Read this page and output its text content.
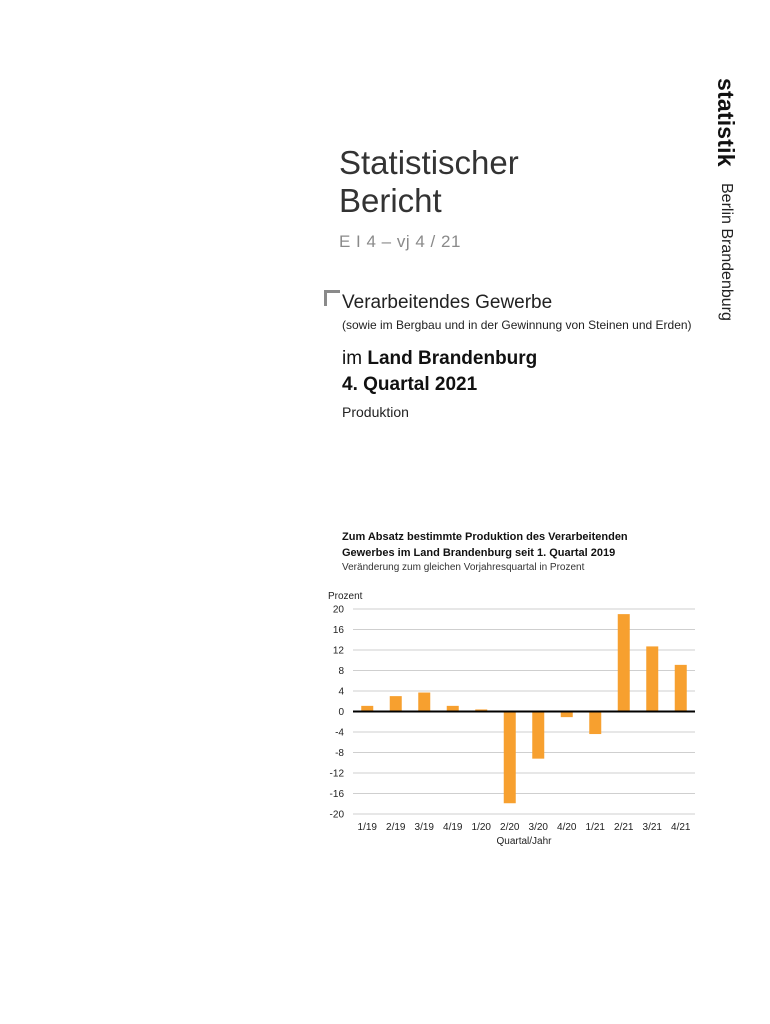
statistik Berlin Brandenburg
Statistischer
Bericht
E I 4 – vj 4 / 21
Verarbeitendes Gewerbe
(sowie im Bergbau und in der Gewinnung von Steinen und Erden)
im Land Brandenburg
4. Quartal 2021
Produktion
Zum Absatz bestimmte Produktion des Verarbeitenden Gewerbes im Land Brandenburg seit 1. Quartal 2019
Veränderung zum gleichen Vorjahresquartal in Prozent
Prozent
20
16
12
8
4
0
-4
-8
-12
-16
-20
1/19 2/19 3/19 4/19 1/20 2/20 3/20 4/20 1/21 2/21 3/21 4/21
Quartal/Jahr
